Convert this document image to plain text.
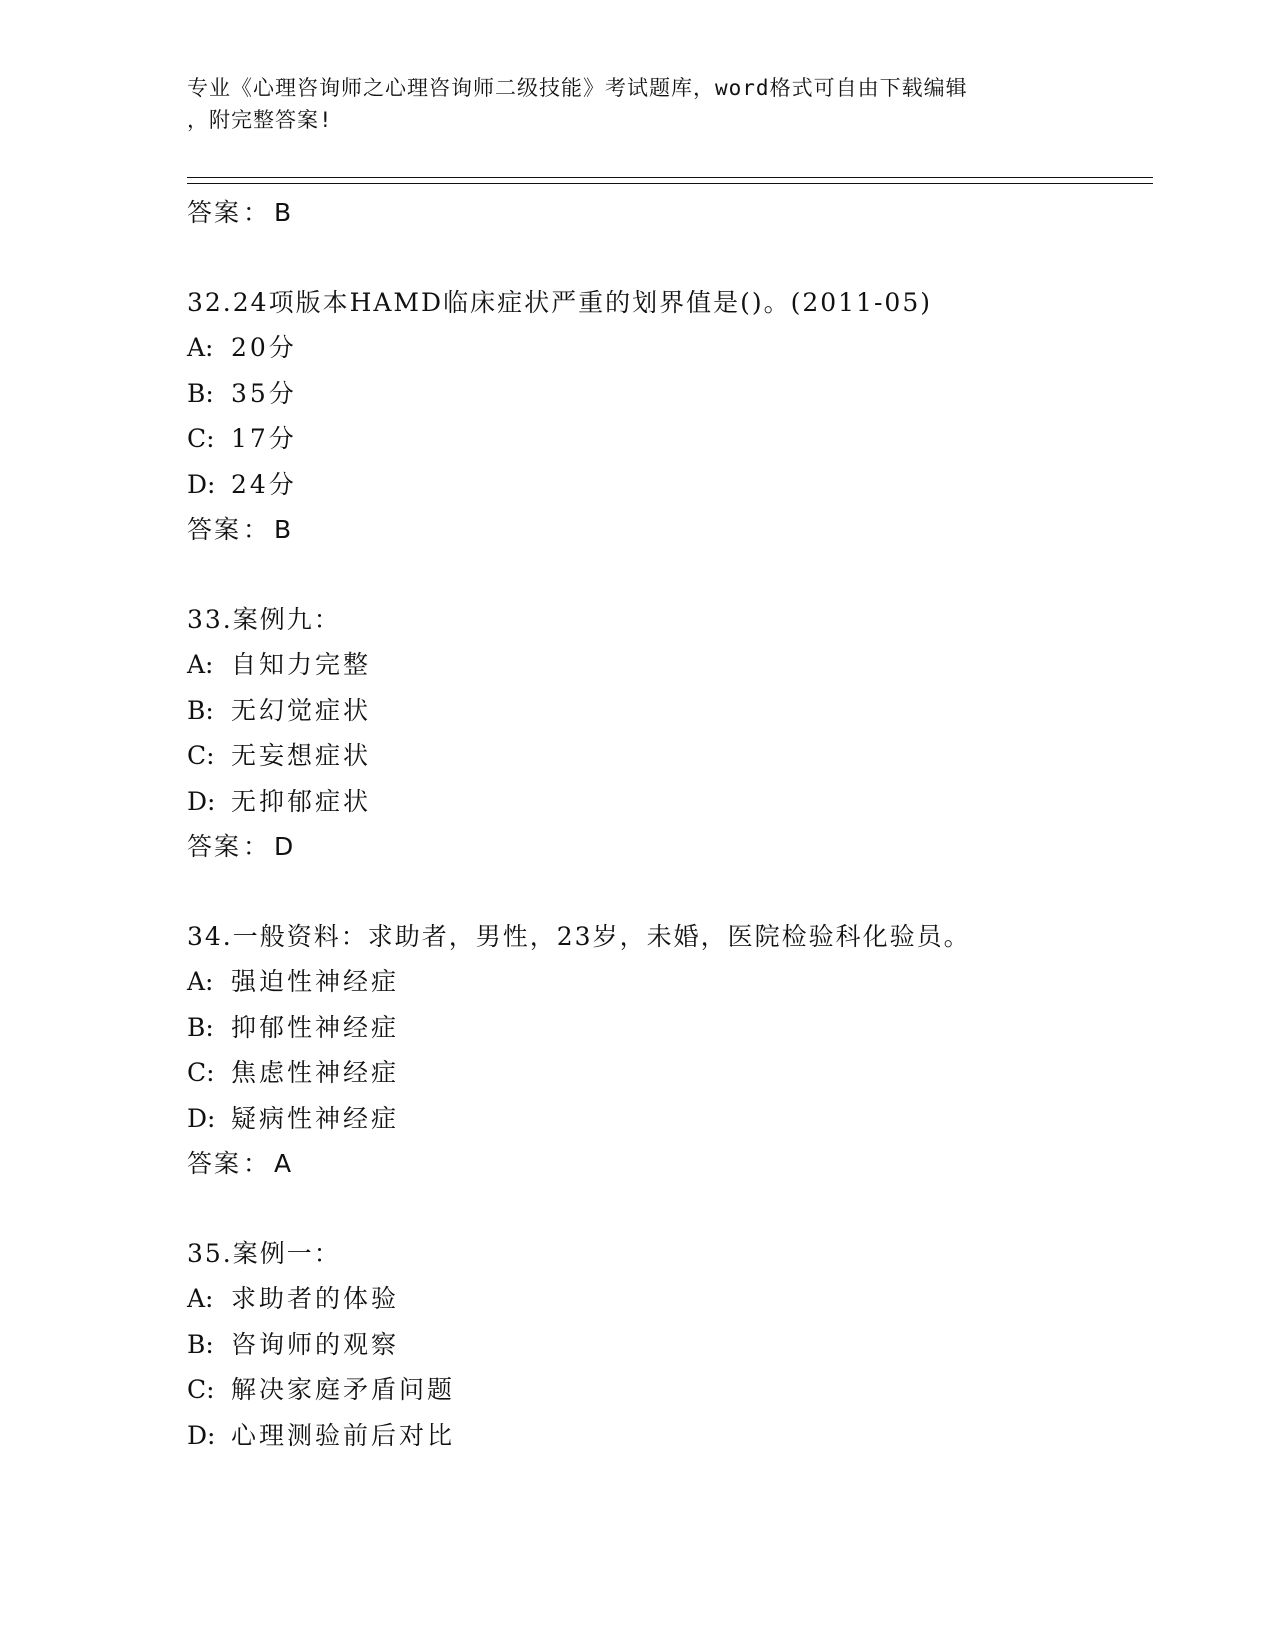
专业《心理咨询师之心理咨询师二级技能》考试题库，word格式可自由下载编辑
，附完整答案!
答案： B
32.24项版本HAMD临床症状严重的划界值是()。(2011-05)
A: 20分
B: 35分
C: 17分
D: 24分
答案： B
33.案例九：
A: 自知力完整
B: 无幻觉症状
C: 无妄想症状
D: 无抑郁症状
答案： D
34.一般资料：求助者，男性，23岁，未婚，医院检验科化验员。
A: 强迫性神经症
B: 抑郁性神经症
C: 焦虑性神经症
D: 疑病性神经症
答案： A
35.案例一：
A: 求助者的体验
B: 咨询师的观察
C: 解决家庭矛盾问题
D: 心理测验前后对比
